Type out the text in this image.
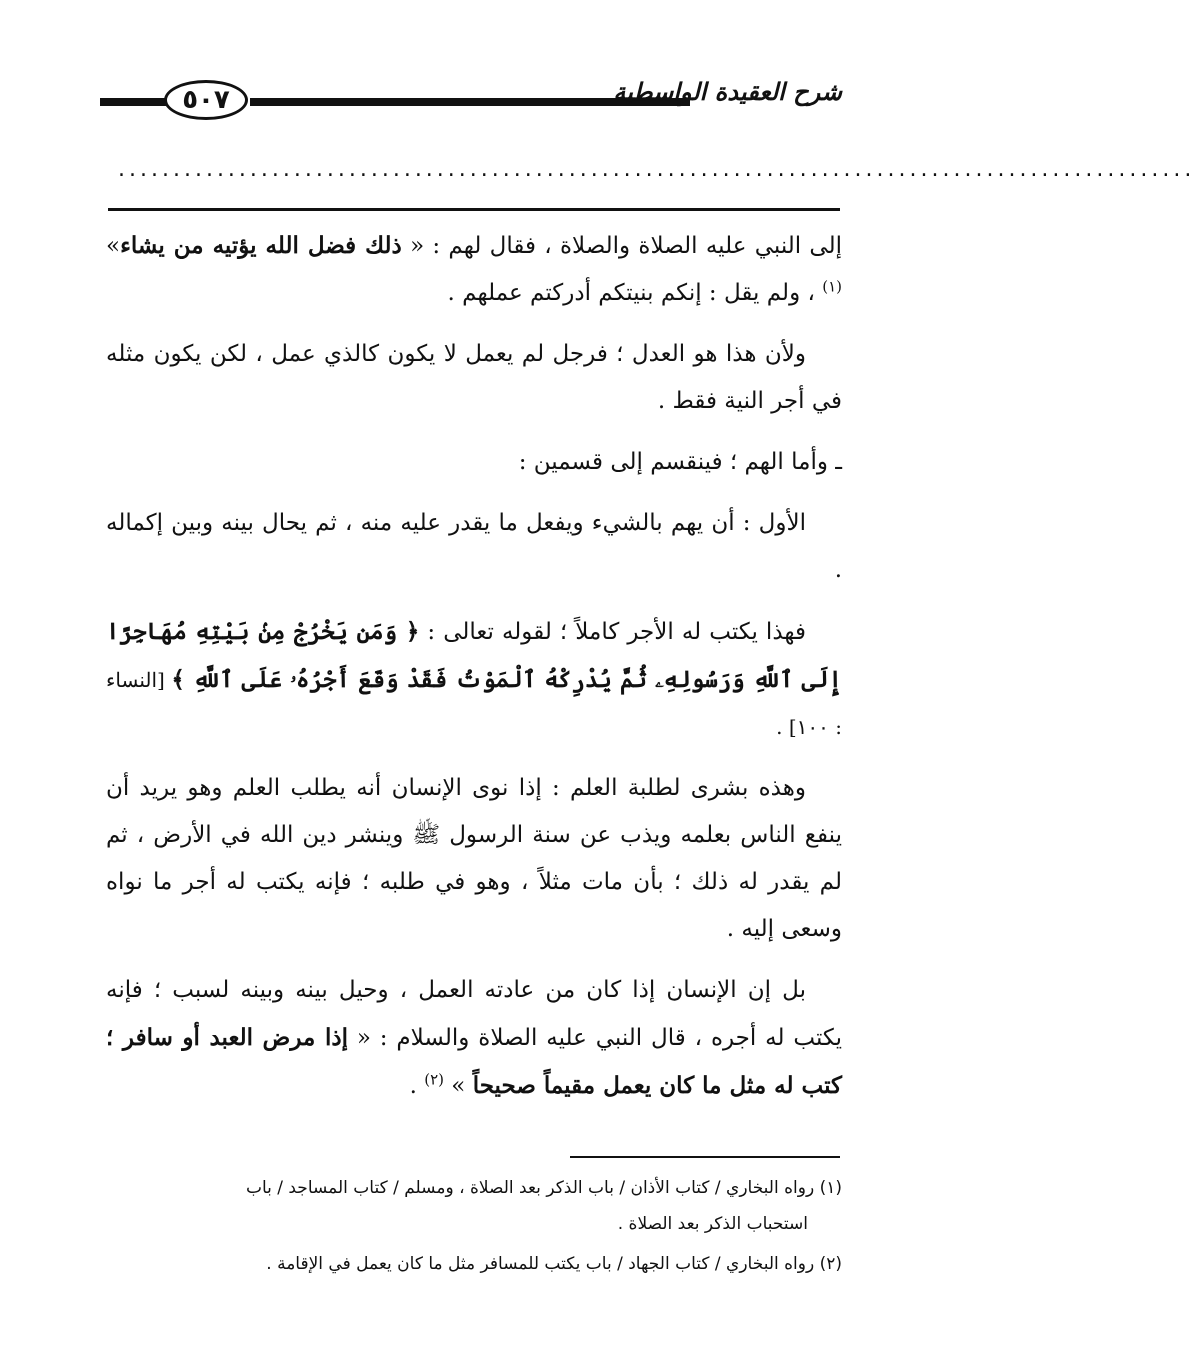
٥٠٧	شرح العقيدة الواسطية
..................................................................................................

إلى النبي عليه الصلاة والصلاة ، فقال لهم : « ذلك فضل الله يؤتيه من يشاء» $^{(١)}$ ، ولم يقل : إنكم بنيتكم أدركتم عملهم .

ولأن هذا هو العدل ؛ فرجل لم يعمل لا يكون كالذي عمل ، لكن يكون مثله في أجر النية فقط .

ـ وأما الهم ؛ فينقسم إلى قسمين :

الأول : أن يهم بالشيء ويفعل ما يقدر عليه منه ، ثم يحال بينه وبين إكماله .

فهذا يكتب له الأجر كاملاً ؛ لقوله تعالى : ﴿ وَمَن يَخْرُجْ مِنۢ بَيْتِهِ مُهَاجِرًا إِلَى ٱللَّهِ وَرَسُولِهِۦ ثُمَّ يُدْرِكْهُ ٱلْمَوْتُ فَقَدْ وَقَعَ أَجْرُهُۥ عَلَى ٱللَّهِ ﴾ [النساء : ١٠٠] .

وهذه بشرى لطلبة العلم : إذا نوى الإنسان أنه يطلب العلم وهو يريد أن ينفع الناس بعلمه ويذب عن سنة الرسول ﷺ وينشر دين الله في الأرض ، ثم لم يقدر له ذلك ؛ بأن مات مثلاً ، وهو في طلبه ؛ فإنه يكتب له أجر ما نواه وسعى إليه .

بل إن الإنسان إذا كان من عادته العمل ، وحيل بينه وبينه لسبب ؛ فإنه يكتب له أجره ، قال النبي عليه الصلاة والسلام : « إذا مرض العبد أو سافر ؛ كتب له مثل ما كان يعمل مقيماً صحيحاً » $^{(٢)}$ .

(١) رواه البخاري / كتاب الأذان / باب الذكر بعد الصلاة ، ومسلم / كتاب المساجد / باب
استحباب الذكر بعد الصلاة .

(٢) رواه البخاري / كتاب الجهاد / باب يكتب للمسافر مثل ما كان يعمل في الإقامة .
